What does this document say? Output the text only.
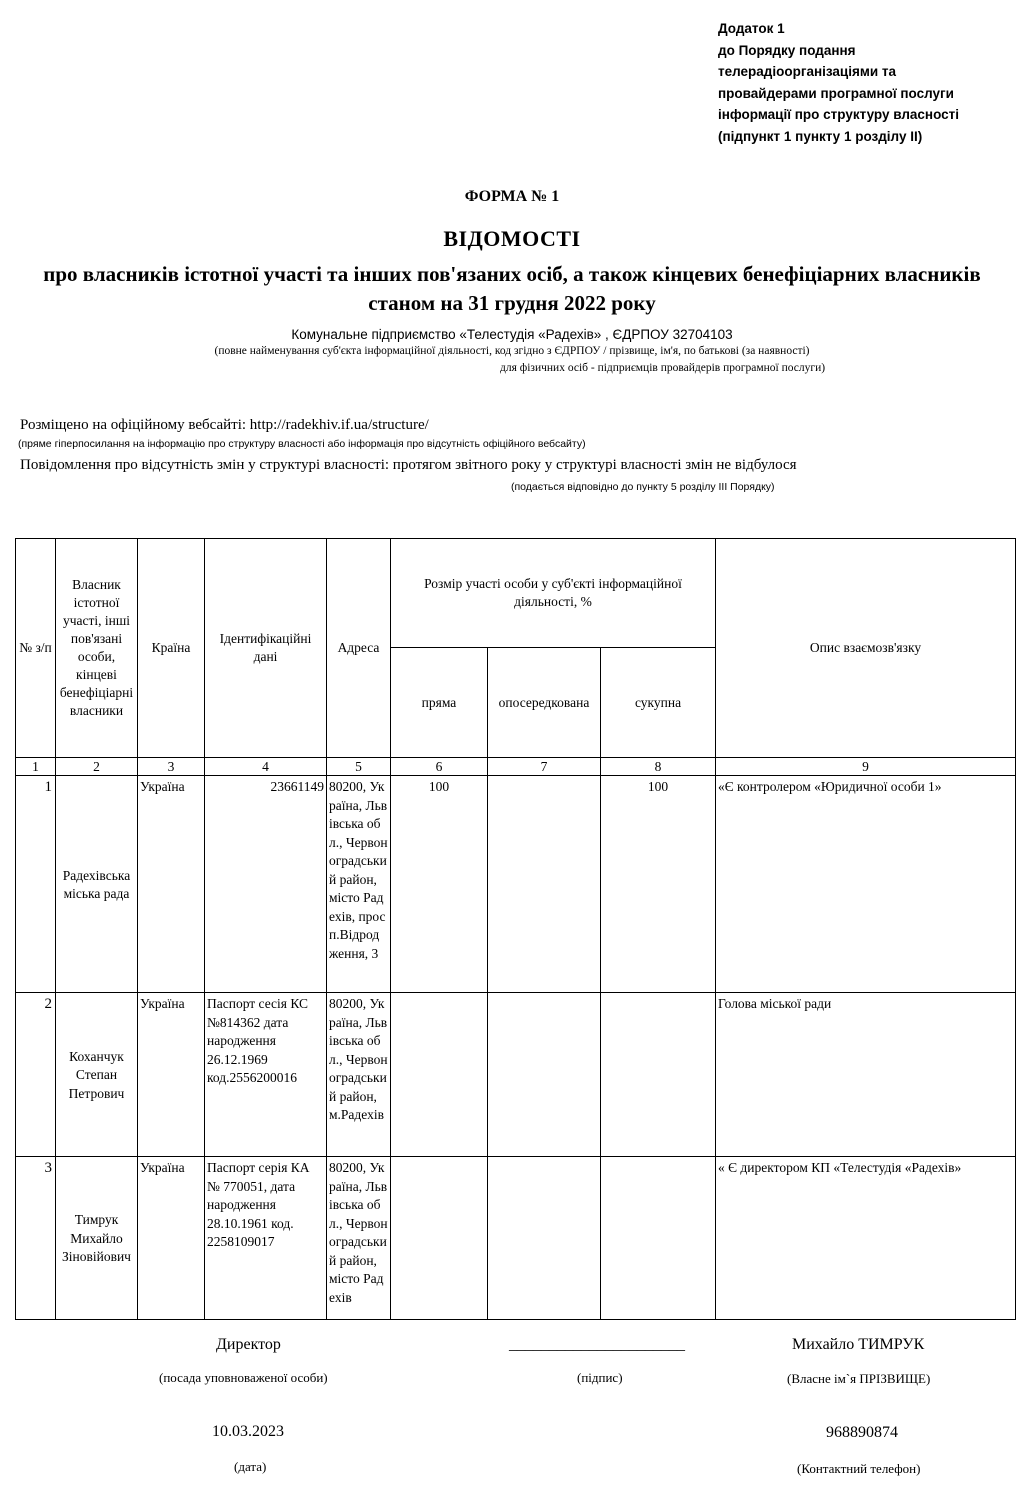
Додаток 1
до Порядку подання
телерадіоорганізаціями та
провайдерами програмної послуги
інформації про структуру власності
(підпункт 1 пункту 1 розділу II)
ФОРМА № 1
ВІДОМОСТІ
про власників істотної участі та інших пов'язаних осіб, а також кінцевих бенефіціарних власників станом на 31 грудня 2022 року
Комунальне підприємство «Телестудія «Радехів» , ЄДРПОУ 32704103
(повне найменування суб'єкта інформаційної діяльності, код згідно з ЄДРПОУ / прізвище, ім'я, по батькові (за наявності)
для фізичних осіб - підприємців провайдерів програмної послуги)
Розміщено на офіційному вебсайті: http://radekhiv.if.ua/structure/
(пряме гіперпосилання на інформацію про структуру власності або інформація про відсутність офіційного вебсайту)
Повідомлення про відсутність змін у структурі власності: протягом звітного року у структурі власності змін не відбулося
(подається відповідно до пункту 5 розділу III Порядку)
№ з/п	Власник істотної участі, інші пов'язані особи, кінцеві бенефіціарні власники	Країна	Ідентифікаційні дані	Адреса	Розмір участі особи у суб'єкті інформаційної діяльності, %			Опис взаємозв'язку
					пряма	опосередкована	сукупна	
1	2	3	4	5	6	7	8	9
1	Радехівська міська рада	Україна	23661149	80200, Україна, Львівська обл., Червоноградський район, місто Радехів, просп.Відродження, 3	100		100	«Є контролером «Юридичної особи 1»
2	Коханчук Степан Петрович	Україна	Паспорт сесія КС №814362 дата народження 26.12.1969 код.2556200016	80200, Україна, Львівська обл., Червоноградський район, м.Радехів				Голова міської ради
3	Тимрук Михайло Зіновійович	Україна	Паспорт серія КА № 770051, дата народження 28.10.1961 код. 2258109017	80200, Україна, Львівська обл., Червоноградський район, місто Радехів				« Є директором КП «Телестудія «Радехів»
Директор
(посада уповноваженої особи)
______________________
(підпис)
Михайло ТИМРУК
(Власне ім`я ПРІЗВИЩЕ)
10.03.2023
(дата)
968890874
(Контактний телефон)
